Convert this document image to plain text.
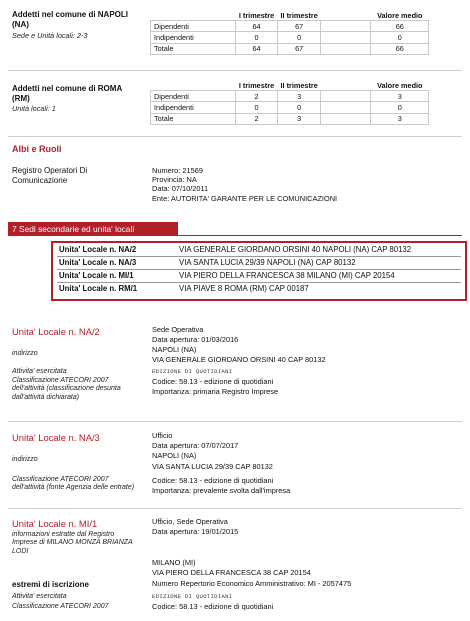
Addetti nel comune di NAPOLI (NA)
Sede e Unità locali: 2-3
	I trimestre	II trimestre		Valore medio
Dipendenti	64	67		66
Indipendenti	0	0		0
Totale	64	67		66
Addetti nel comune di ROMA (RM)
Unità locali: 1
	I trimestre	II trimestre		Valore medio
Dipendenti	2	3		3
Indipendenti	0	0		0
Totale	2	3		3
Albi e Ruoli
Registro Operatori Di Comunicazione
Numero: 21569
Provincia: NA
Data: 07/10/2011
Ente: AUTORITA' GARANTE PER LE COMUNICAZIONI
7 Sedi secondarie ed unita' locali
Unita' Locale n. NA/2	VIA GENERALE GIORDANO ORSINI 40 NAPOLI (NA) CAP 80132
Unita' Locale n. NA/3	VIA SANTA LUCIA 29/39 NAPOLI (NA) CAP 80132
Unita' Locale n. MI/1	VIA PIERO DELLA FRANCESCA 38 MILANO (MI) CAP 20154
Unita' Locale n. RM/1	VIA PIAVE 8 ROMA (RM) CAP 00187
Unita' Locale n. NA/2	Sede Operativa
Data apertura: 01/03/2016
indirizzo	NAPOLI (NA)
VIA GENERALE GIORDANO ORSINI 40 CAP 80132
Attivita' esercitata	EDIZIONE DI QUOTIDIANI
Classificazione ATECORI 2007 dell'attività (classificazione desunta dall'attività dichiarata)
Codice: 58.13 - edizione di quotidiani
Importanza: primaria Registro Imprese
Unita' Locale n. NA/3	Ufficio
Data apertura: 07/07/2017
indirizzo	NAPOLI (NA)
VIA SANTA LUCIA 29/39 CAP 80132
Classificazione ATECORI 2007 dell'attività (fonte Agenzia delle entrate)
Codice: 58.13 - edizione di quotidiani
Importanza: prevalente svolta dall'impresa
Unita' Locale n. MI/1	Ufficio, Sede Operativa
Data apertura: 19/01/2015
informazioni estratte dal Registro Imprese di MILANO MONZA BRIANZA LODI
MILANO (MI)
VIA PIERO DELLA FRANCESCA 38 CAP 20154
estremi di iscrizione	Numero Repertorio Economico Amministrativo: MI - 2057475
Attivita' esercitata	EDIZIONE DI QUOTIDIANI
Classificazione ATECORI 2007	Codice: 58.13 - edizione di quotidiani
